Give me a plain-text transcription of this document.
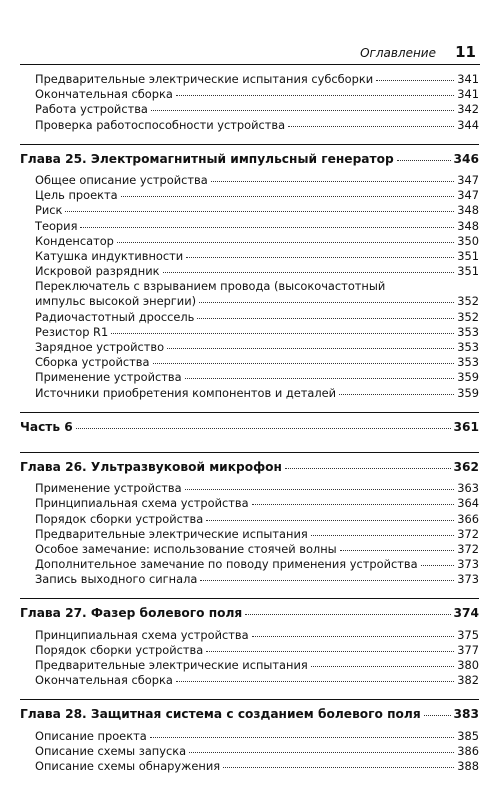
Оглавление 11
Предварительные электрические испытания субсборки	341
Окончательная сборка	341
Работа устройства	342
Проверка работоспособности устройства	344
Глава 25. Электромагнитный импульсный генератор	346
Общее описание устройства	347
Цель проекта	347
Риск	348
Теория	348
Конденсатор	350
Катушка индуктивности	351
Искровой разрядник	351
Переключатель с взрыванием провода (высокочастотный
импульс высокой энергии)	352
Радиочастотный дроссель	352
Резистор R1	353
Зарядное устройство	353
Сборка устройства	353
Применение устройства	359
Источники приобретения компонентов и деталей	359
Часть 6	361
Глава 26. Ультразвуковой микрофон	362
Применение устройства	363
Принципиальная схема устройства	364
Порядок сборки устройства	366
Предварительные электрические испытания	372
Особое замечание: использование стоячей волны	372
Дополнительное замечание по поводу применения устройства	373
Запись выходного сигнала	373
Глава 27. Фазер болевого поля	374
Принципиальная схема устройства	375
Порядок сборки устройства	377
Предварительные электрические испытания	380
Окончательная сборка	382
Глава 28. Защитная система с созданием болевого поля	383
Описание проекта	385
Описание схемы запуска	386
Описание схемы обнаружения	388
